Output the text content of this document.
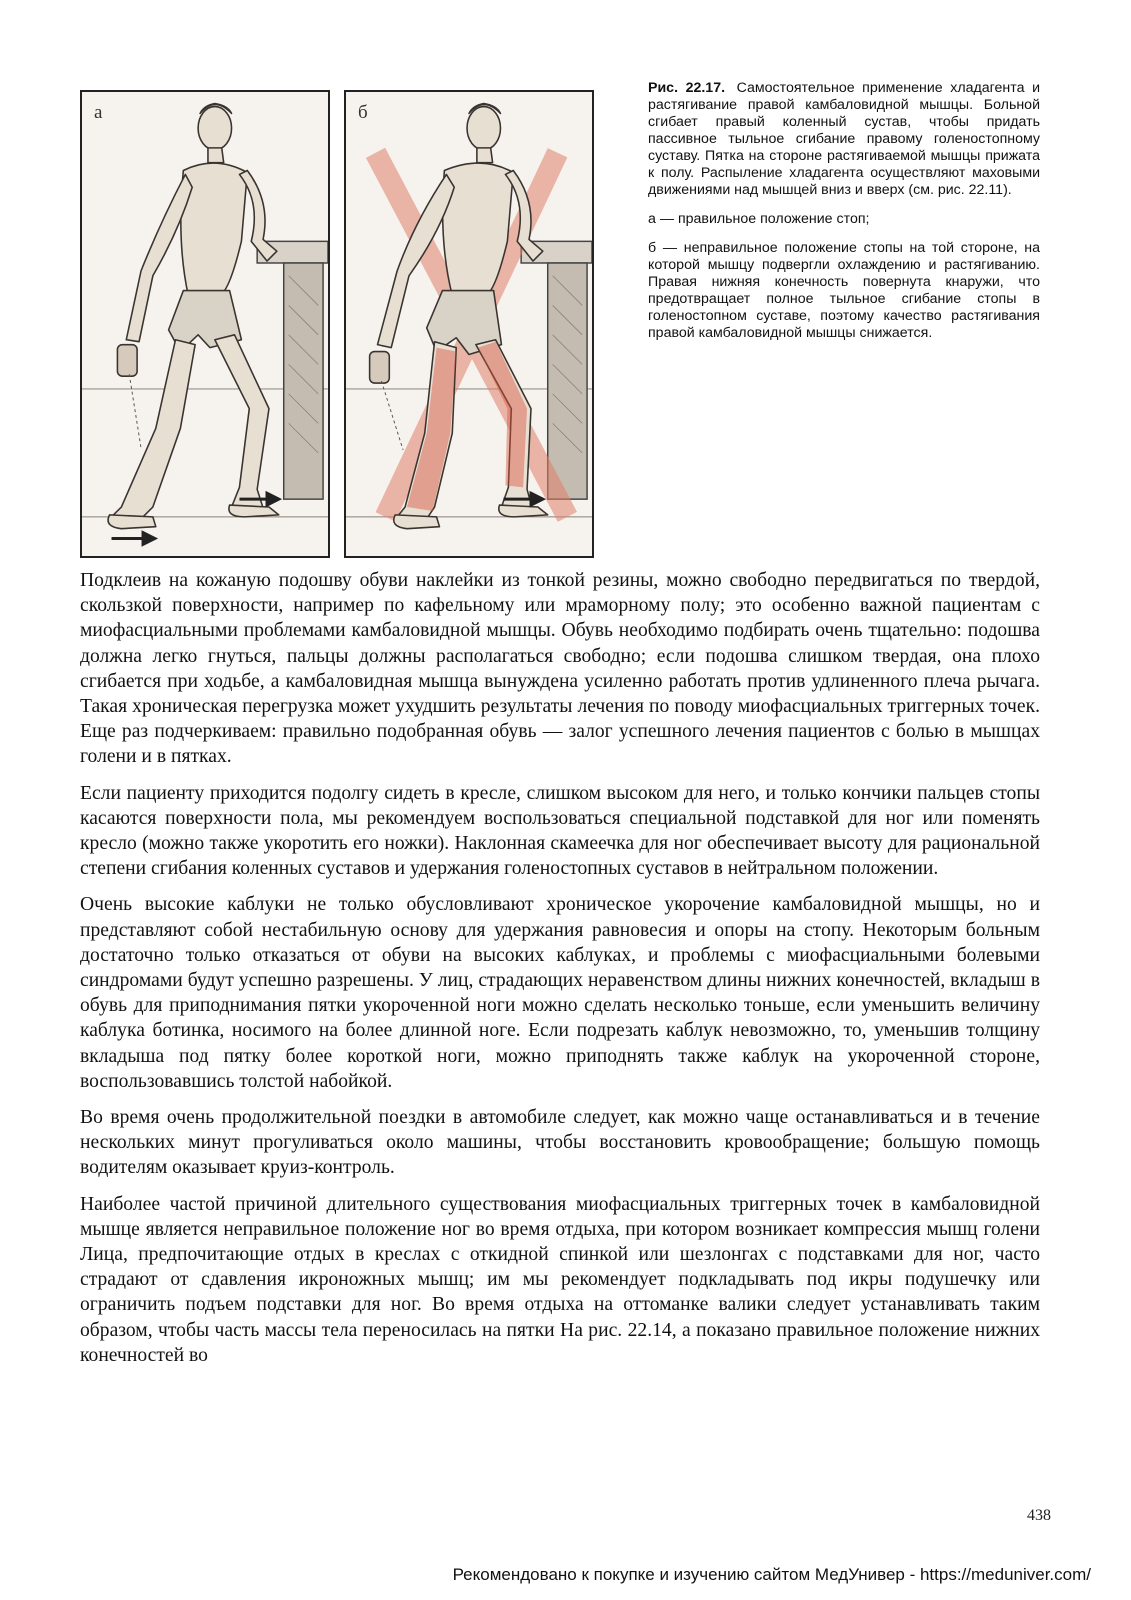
а	б

Рис. 22.17. Самостоятельное применение хладагента и растягивание правой камбаловидной мышцы. Больной сгибает правый коленный сустав, чтобы придать пассивное тыльное сгибание правому голеностопному суставу. Пятка на стороне растягиваемой мышцы прижата к полу. Распыление хладагента осуществляют маховыми движениями над мышцей вниз и вверх (см. рис. 22.11).

а — правильное положение стоп;

б — неправильное положение стопы на той стороне, на которой мышцу подвергли охлаждению и растягиванию. Правая нижняя конечность повернута кнаружи, что предотвращает полное тыльное сгибание стопы в голеностопном суставе, поэтому качество растягивания правой камбаловидной мышцы снижается.

Подклеив на кожаную подошву обуви наклейки из тонкой резины, можно свободно передвигаться по твердой, скользкой поверхности, например по кафельному или мраморному полу; это особенно важной пациентам с миофасциальными проблемами камбаловидной мышцы. Обувь необходимо подбирать очень тщательно: подошва должна легко гнуться, пальцы должны располагаться свободно; если подошва слишком твердая, она плохо сгибается при ходьбе, а камбаловидная мышца вынуждена усиленно работать против удлиненного плеча рычага. Такая хроническая перегрузка может ухудшить результаты лечения по поводу миофасциальных триггерных точек. Еще раз подчеркиваем: правильно подобранная обувь — залог успешного лечения пациентов с болью в мышцах голени и в пятках.

Если пациенту приходится подолгу сидеть в кресле, слишком высоком для него, и только кончики пальцев стопы касаются поверхности пола, мы рекомендуем воспользоваться специальной подставкой для ног или поменять кресло (можно также укоротить его ножки). Наклонная скамеечка для ног обеспечивает высоту для рациональной степени сгибания коленных суставов и удержания голеностопных суставов в нейтральном положении.

Очень высокие каблуки не только обусловливают хроническое укорочение камбаловидной мышцы, но и представляют собой нестабильную основу для удержания равновесия и опоры на стопу. Некоторым больным достаточно только отказаться от обуви на высоких каблуках, и проблемы с миофасциальными болевыми синдромами будут успешно разрешены. У лиц, страдающих неравенством длины нижних конечностей, вкладыш в обувь для приподнимания пятки укороченной ноги можно сделать несколько тоньше, если уменьшить величину каблука ботинка, носимого на более длинной ноге. Если подрезать каблук невозможно, то, уменьшив толщину вкладыша под пятку более короткой ноги, можно приподнять также каблук на укороченной стороне, воспользовавшись толстой набойкой.

Во время очень продолжительной поездки в автомобиле следует, как можно чаще останавливаться и в течение нескольких минут прогуливаться около машины, чтобы восстановить кровообращение; большую помощь водителям оказывает круиз-контроль.

Наиболее частой причиной длительного существования миофасциальных триггерных точек в камбаловидной мышце является неправильное положение ног во время отдыха, при котором возникает компрессия мышц голени Лица, предпочитающие отдых в креслах с откидной спинкой или шезлонгах с подставками для ног, часто страдают от сдавления икроножных мышц; им мы рекомендует подкладывать под икры подушечку или ограничить подъем подставки для ног. Во время отдыха на оттоманке валики следует устанавливать таким образом, чтобы часть массы тела переносилась на пятки На рис. 22.14, а показано правильное положение нижних конечностей во

438
Рекомендовано к покупке и изучению сайтом МедУнивер - https://meduniver.com/
